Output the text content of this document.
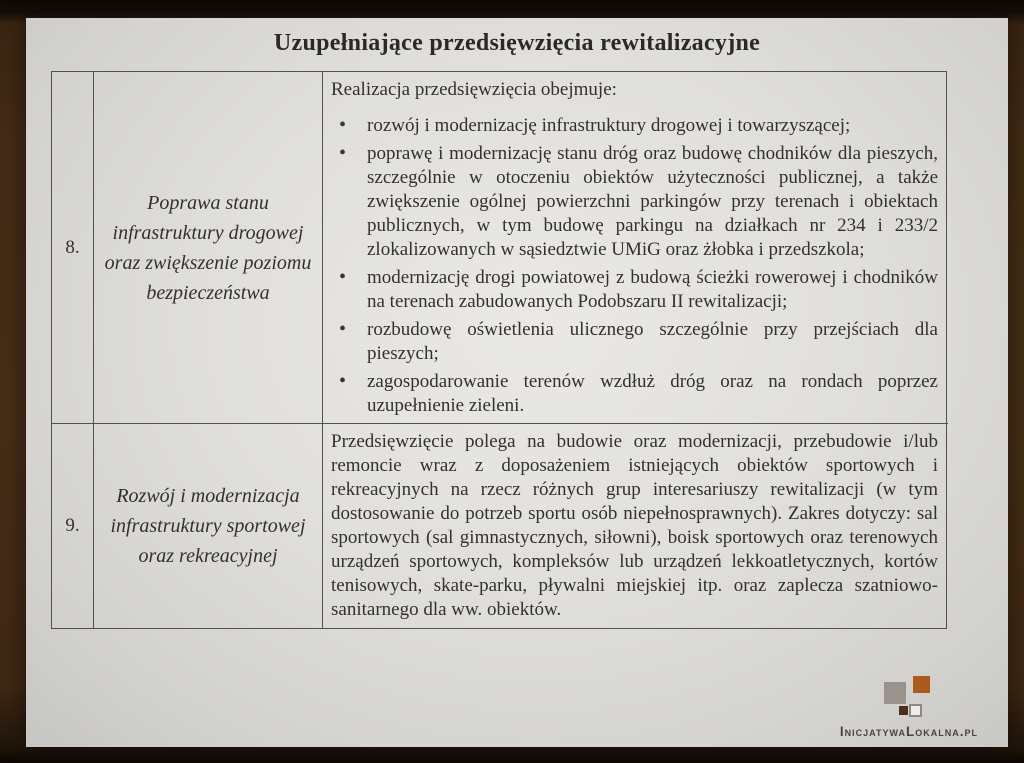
Uzupełniające przedsięwzięcia rewitalizacyjne
8.
Poprawa stanu infrastruktury drogowej oraz zwiększenie poziomu bezpieczeństwa

Realizacja przedsięwzięcia obejmuje:

• rozwój i modernizację infrastruktury drogowej i towarzyszącej;
• poprawę i modernizację stanu dróg oraz budowę chodników dla pieszych, szczególnie w otoczeniu obiektów użyteczności publicznej, a także zwiększenie ogólnej powierzchni parkingów przy terenach i obiektach publicznych, w tym budowę parkingu na działkach nr 234 i 233/2 zlokalizowanych w sąsiedztwie UMiG oraz żłobka i przedszkola;
• modernizację drogi powiatowej z budową ścieżki rowerowej i chodników na terenach zabudowanych Podobszaru II rewitalizacji;
• rozbudowę oświetlenia ulicznego szczególnie przy przejściach dla pieszych;
• zagospodarowanie terenów wzdłuż dróg oraz na rondach poprzez uzupełnienie zieleni.
9.
Rozwój i modernizacja infrastruktury sportowej oraz rekreacyjnej

Przedsięwzięcie polega na budowie oraz modernizacji, przebudowie i/lub remoncie wraz z doposażeniem istniejących obiektów sportowych i rekreacyjnych na rzecz różnych grup interesariuszy rewitalizacji (w tym dostosowanie do potrzeb sportu osób niepełnosprawnych). Zakres dotyczy: sal sportowych (sal gimnastycznych, siłowni), boisk sportowych oraz terenowych urządzeń sportowych, kompleksów lub urządzeń lekkoatletycznych, kortów tenisowych, skate-parku, pływalni miejskiej itp. oraz zaplecza szatniowo-sanitarnego dla ww. obiektów.

InicjatywaLokalna.pl
